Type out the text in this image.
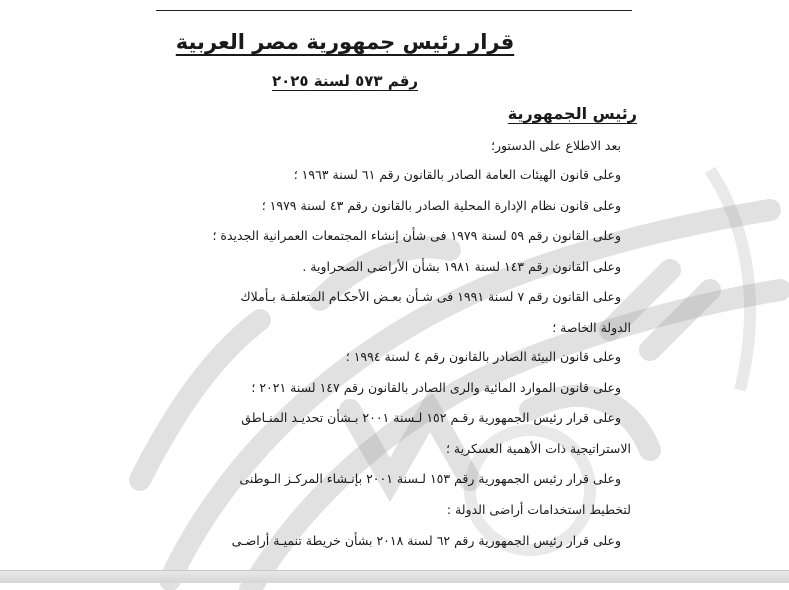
قرار رئيس جمهورية مصر العربية
رقم ٥٧٣ لسنة ٢٠٢٥
رئيس الجمهورية
بعد الاطلاع على الدستور؛
وعلى قانون الهيئات العامة الصادر بالقانون رقم ٦١ لسنة ١٩٦٣ ؛
وعلى قانون نظام الإدارة المحلية الصادر بالقانون رقم ٤٣ لسنة ١٩٧٩ ؛
وعلى القانون رقم ٥٩ لسنة ١٩٧٩ فى شأن إنشاء المجتمعات العمرانية الجديدة ؛
وعلى القانون رقم ١٤٣ لسنة ١٩٨١ بشأن الأراضى الصحراوية .
وعلى القانون رقم ٧ لسنة ١٩٩١ فى شـأن بعـض الأحكـام المتعلقـة بـأملاك
الدولة الخاصة ؛
وعلى قانون البيئة الصادر بالقانون رقم ٤ لسنة ١٩٩٤ ؛
وعلى قانون الموارد المائية والرى الصادر بالقانون رقم ١٤٧ لسنة ٢٠٢١ ؛
وعلى قرار رئيس الجمهورية رقـم ١٥٢ لـسنة ٢٠٠١ بـشأن تحديـد المنـاطق
الاستراتيجية ذات الأهمية العسكرية ؛
وعلى قرار رئيس الجمهورية رقم ١٥٣ لـسنة ٢٠٠١ بإنـشاء المركـز الـوطنى
لتخطيط استخدامات أراضى الدولة :
وعلى قرار رئيس الجمهورية رقم ٦٢ لسنة ٢٠١٨ بشأن خريطة تنميـة أراضـى
